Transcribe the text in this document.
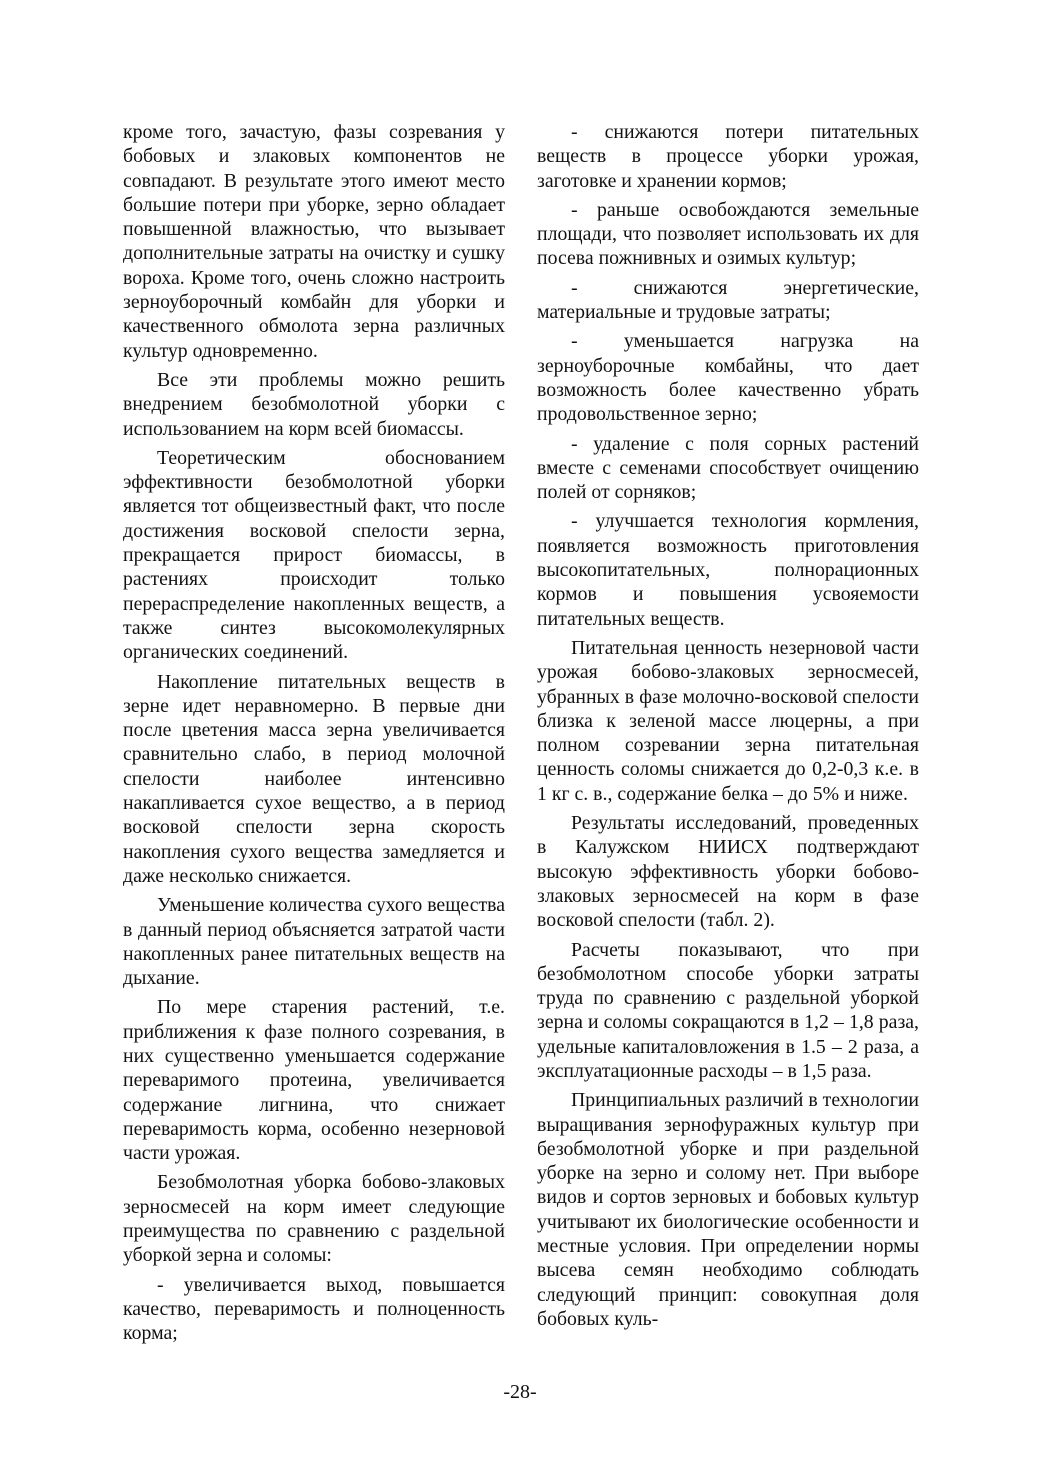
кроме того, зачастую, фазы созревания у бобовых и злаковых компонентов не совпадают. В результате этого имеют место большие потери при уборке, зерно обладает повышенной влажностью, что вызывает дополнительные затраты на очистку и сушку вороха. Кроме того, очень сложно настроить зерноуборочный комбайн для уборки и качественного обмолота зерна различных культур одновременно.

Все эти проблемы можно решить внедрением безобмолотной уборки с использованием на корм всей биомассы.

Теоретическим обоснованием эффективности безобмолотной уборки является тот общеизвестный факт, что после достижения восковой спелости зерна, прекращается прирост биомассы, в растениях происходит только перераспределение накопленных веществ, а также синтез высокомолекулярных органических соединений.

Накопление питательных веществ в зерне идет неравномерно. В первые дни после цветения масса зерна увеличивается сравнительно слабо, в период молочной спелости наиболее интенсивно накапливается сухое вещество, а в период восковой спелости зерна скорость накопления сухого вещества замедляется и даже несколько снижается.

Уменьшение количества сухого вещества в данный период объясняется затратой части накопленных ранее питательных веществ на дыхание.

По мере старения растений, т.е. приближения к фазе полного созревания, в них существенно уменьшается содержание переваримого протеина, увеличивается содержание лигнина, что снижает переваримость корма, особенно незерновой части урожая.

Безобмолотная уборка бобово-злаковых зерносмесей на корм имеет следующие преимущества по сравнению с раздельной уборкой зерна и соломы:

- увеличивается выход, повышается качество, переваримость и полноценность корма;

- снижаются потери питательных веществ в процессе уборки урожая, заготовке и хранении кормов;

- раньше освобождаются земельные площади, что позволяет использовать их для посева пожнивных и озимых культур;

- снижаются энергетические, материальные и трудовые затраты;

- уменьшается нагрузка на зерноуборочные комбайны, что дает возможность более качественно убрать продовольственное зерно;

- удаление с поля сорных растений вместе с семенами способствует очищению полей от сорняков;

- улучшается технология кормления, появляется возможность приготовления высокопитательных, полнорационных кормов и повышения усвояемости питательных веществ.

Питательная ценность незерновой части урожая бобово-злаковых зерносмесей, убранных в фазе молочно-восковой спелости близка к зеленой массе люцерны, а при полном созревании зерна питательная ценность соломы снижается до 0,2-0,3 к.е. в 1 кг с. в., содержание белка – до 5% и ниже.

Результаты исследований, проведенных в Калужском НИИСХ подтверждают высокую эффективность уборки бобово-злаковых зерносмесей на корм в фазе восковой спелости (табл. 2).

Расчеты показывают, что при безобмолотном способе уборки затраты труда по сравнению с раздельной уборкой зерна и соломы сокращаются в 1,2 – 1,8 раза, удельные капиталовложения в 1.5 – 2 раза, а эксплуатационные расходы – в 1,5 раза.

Принципиальных различий в технологии выращивания зернофуражных культур при безобмолотной уборке и при раздельной уборке на зерно и солому нет. При выборе видов и сортов зерновых и бобовых культур учитывают их биологические особенности и местные условия. При определении нормы высева семян необходимо соблюдать следующий принцип: совокупная доля бобовых куль-

-28-
